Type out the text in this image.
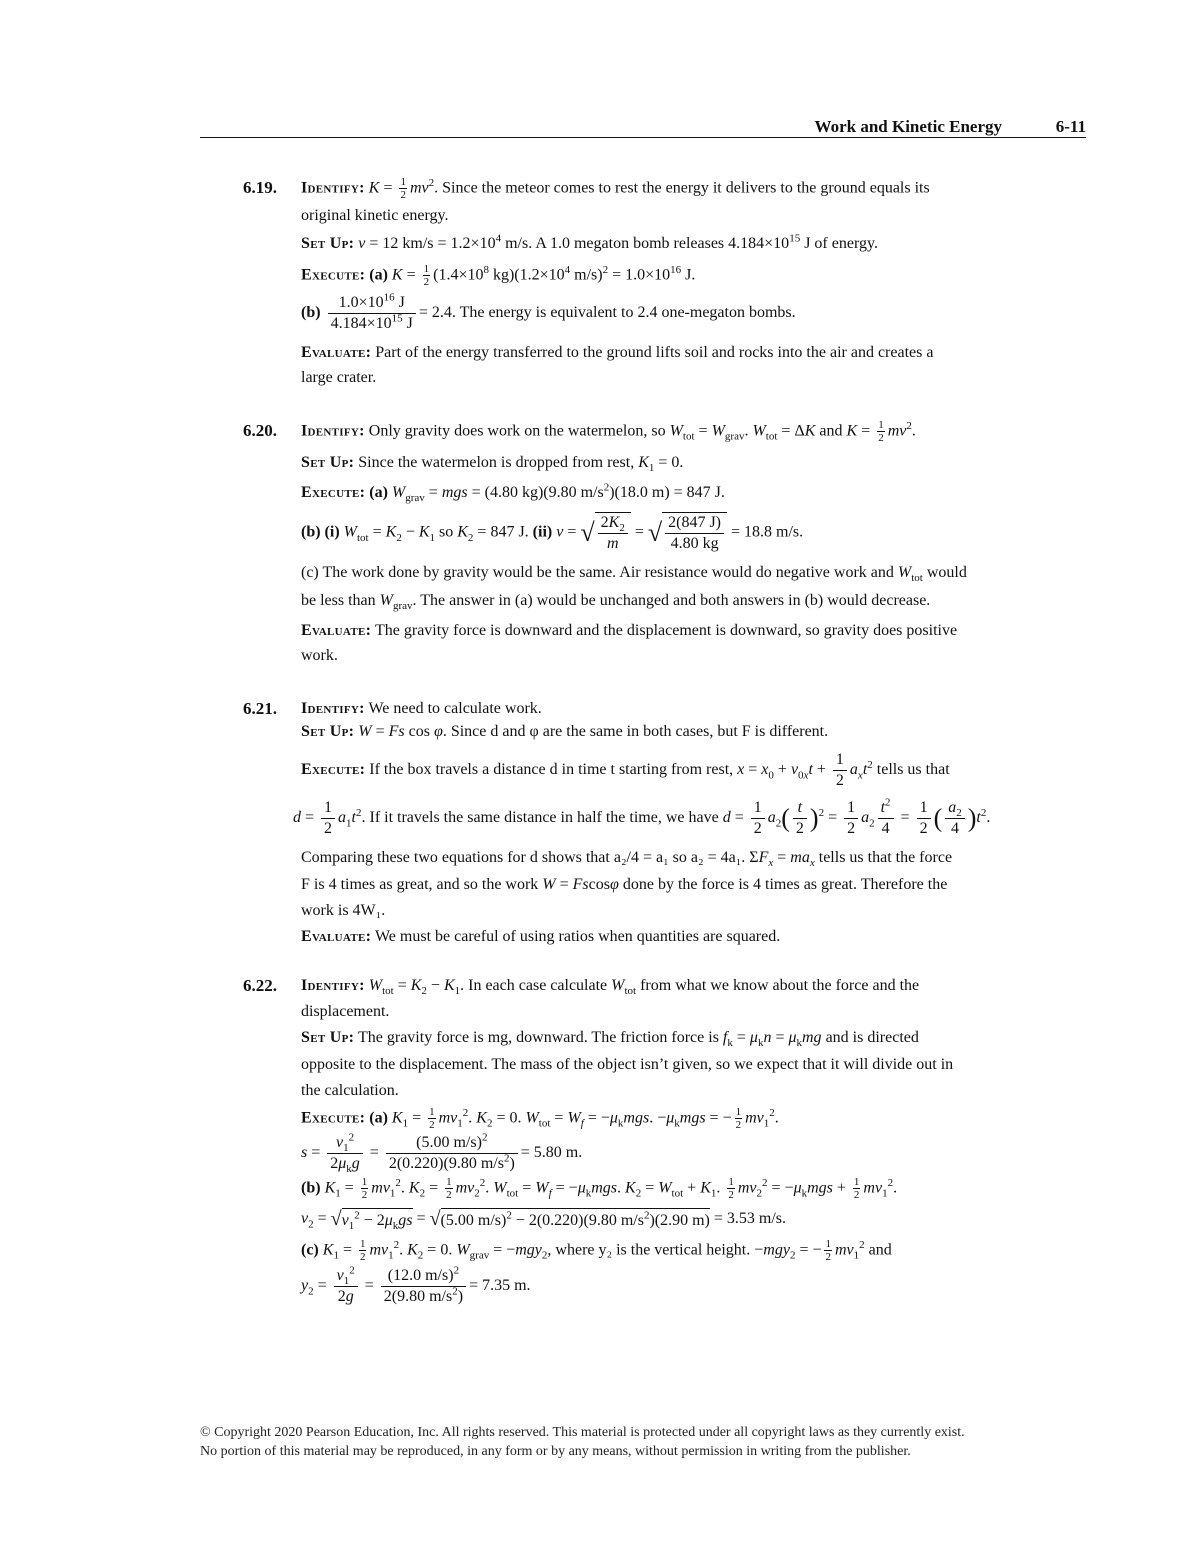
Work and Kinetic Energy	6-11
6.19. Identify: $K = \frac{1}{2} mv^2$. Since the meteor comes to rest the energy it delivers to the ground equals its
original kinetic energy.
Set Up: v = 12 $km/s = 1.2\times 10^4$ m/s. A 1.0 megaton bomb releases $4.184\times 10^{15}$ J of energy.
Execute: (a) $K = \frac{1}{2} (1.4\times 10^8$ $kg)(1.2\times 10^4$ $m/s)^2 = 1.0\times 10^{16}$ J.
$(b) \frac{1.0\times 10^{16} J}{4.184\times 10^{15} J} = 2.4$. The energy is equivalent to 2.4 one-megaton bombs.
Evaluate: Part of the energy transferred to the ground lifts soil and rocks into the air and creates a
large crater.
6.20. Identify: Only gravity does work on the watermelon, so $W_{tot} = W_{grav}$. $W_{tot} = \Delta K$ and $K = \frac{1}{2} mv^2$.
Set Up: Since the watermelon is dropped from rest, $K_1 = 0$.
Execute: (a) $W_{grav}$ = mgs = (4.80 kg)(9.80 $m/s^2)(18.0$ m) = 847 J.
(b) (i) $W_{tot} = K_2 - K_1$ so $K_2 = 847$ J. (ii) v = √ $\frac{2K_2}{m}$ = √ $\frac{2(847 J)}{4.80 kg} = 18.8$ m/s.
(c) The work done by gravity would be the same. Air resistance would do negative work and $W_{tot}$ would
be less than $W_{grav}$. The answer in (a) would be unchanged and both answers in (b) would decrease.
Evaluate: The gravity force is downward and the displacement is downward, so gravity does positive
work.
6.21. Identify: We need to calculate work.
Set Up: W = Fs cos φ. Since d and φ are the same in both cases, but F is different.
Execute: If the box travels a distance d in time t starting from rest, $x = x_0 + v_{0x}t + \frac{1}{2} a_xt^2$ tells us that
$d = \frac{1}{2} a_1t^2$. If it travels the same distance in half the time, we have $d = \frac{1}{2} a_2( \frac{t}{2} )^2 = \frac{1}{2} a_2 \frac{t^2}{4} = \frac{1}{2}$ ( $\frac{a_2}{4} )t^2$.
Comparing these two equations for d shows that a₂/4 = a₁ so a₂ = 4a₁. $\Sigma F_x = ma_x$ tells us that the force
F is 4 times as great, and so the work W = Fscosφ done by the force is 4 times as great. Therefore the
work is 4W₁.
Evaluate: We must be careful of using ratios when quantities are squared.
6.22. Identify: $W_{tot} = K_2 - K_1$. In each case calculate $W_{tot}$ from what we know about the force and the
displacement.
Set Up: The gravity force is mg, downward. The friction force is $f_k = \mu_kn = \mu_kmg$ and is directed
opposite to the displacement. The mass of the object isn’t given, so we expect that it will divide out in
the calculation.
Execute: (a) $K_1 = \frac{1}{2} mv_1^2$. $K_2 = 0$. $W_{tot} = W_f = -\mu_kmgs$. $-\mu_kmgs$ = − $\frac{1}{2} mv_1^2$.
$s = \frac{v_1^2}{2\mu_kg} = \frac{(5.00 m/s)^2}{2(0.220)(9.80 m/s^2)} = 5.80$ m.
(b) $K_1 = \frac{1}{2} mv_1^2$. $K_2 = \frac{1}{2} mv_2^2$. $W_{tot} = W_f = -\mu_kmgs$. $K_2 = W_{tot} + K_1$. $\frac{1}{2} mv_2^2 = -\mu_kmgs + \frac{1}{2} mv_1^2$.
$v_2 = √v_1^2 - 2\mu_kgs = √(5.00$ m/s)$^2$ − 2(0.220)(9.80 $m/s^2)(2.90$ m) = 3.53 m/s.
(c) $K_1 = \frac{1}{2} mv_1^2$. $K_2 = 0$. $W_{grav} = -mgy_2$, where y₂ is the vertical height. −mgy$_2$ = − $\frac{1}{2} mv_1^2$ and
$y_2 = \frac{v_1^2}{2g} = \frac{(12.0 m/s)^2}{2(9.80 m/s^2)} = 7.35$ m.
© Copyright 2020 Pearson Education, Inc. All rights reserved. This material is protected under all copyright laws as they currently exist.
No portion of this material may be reproduced, in any form or by any means, without permission in writing from the publisher.
